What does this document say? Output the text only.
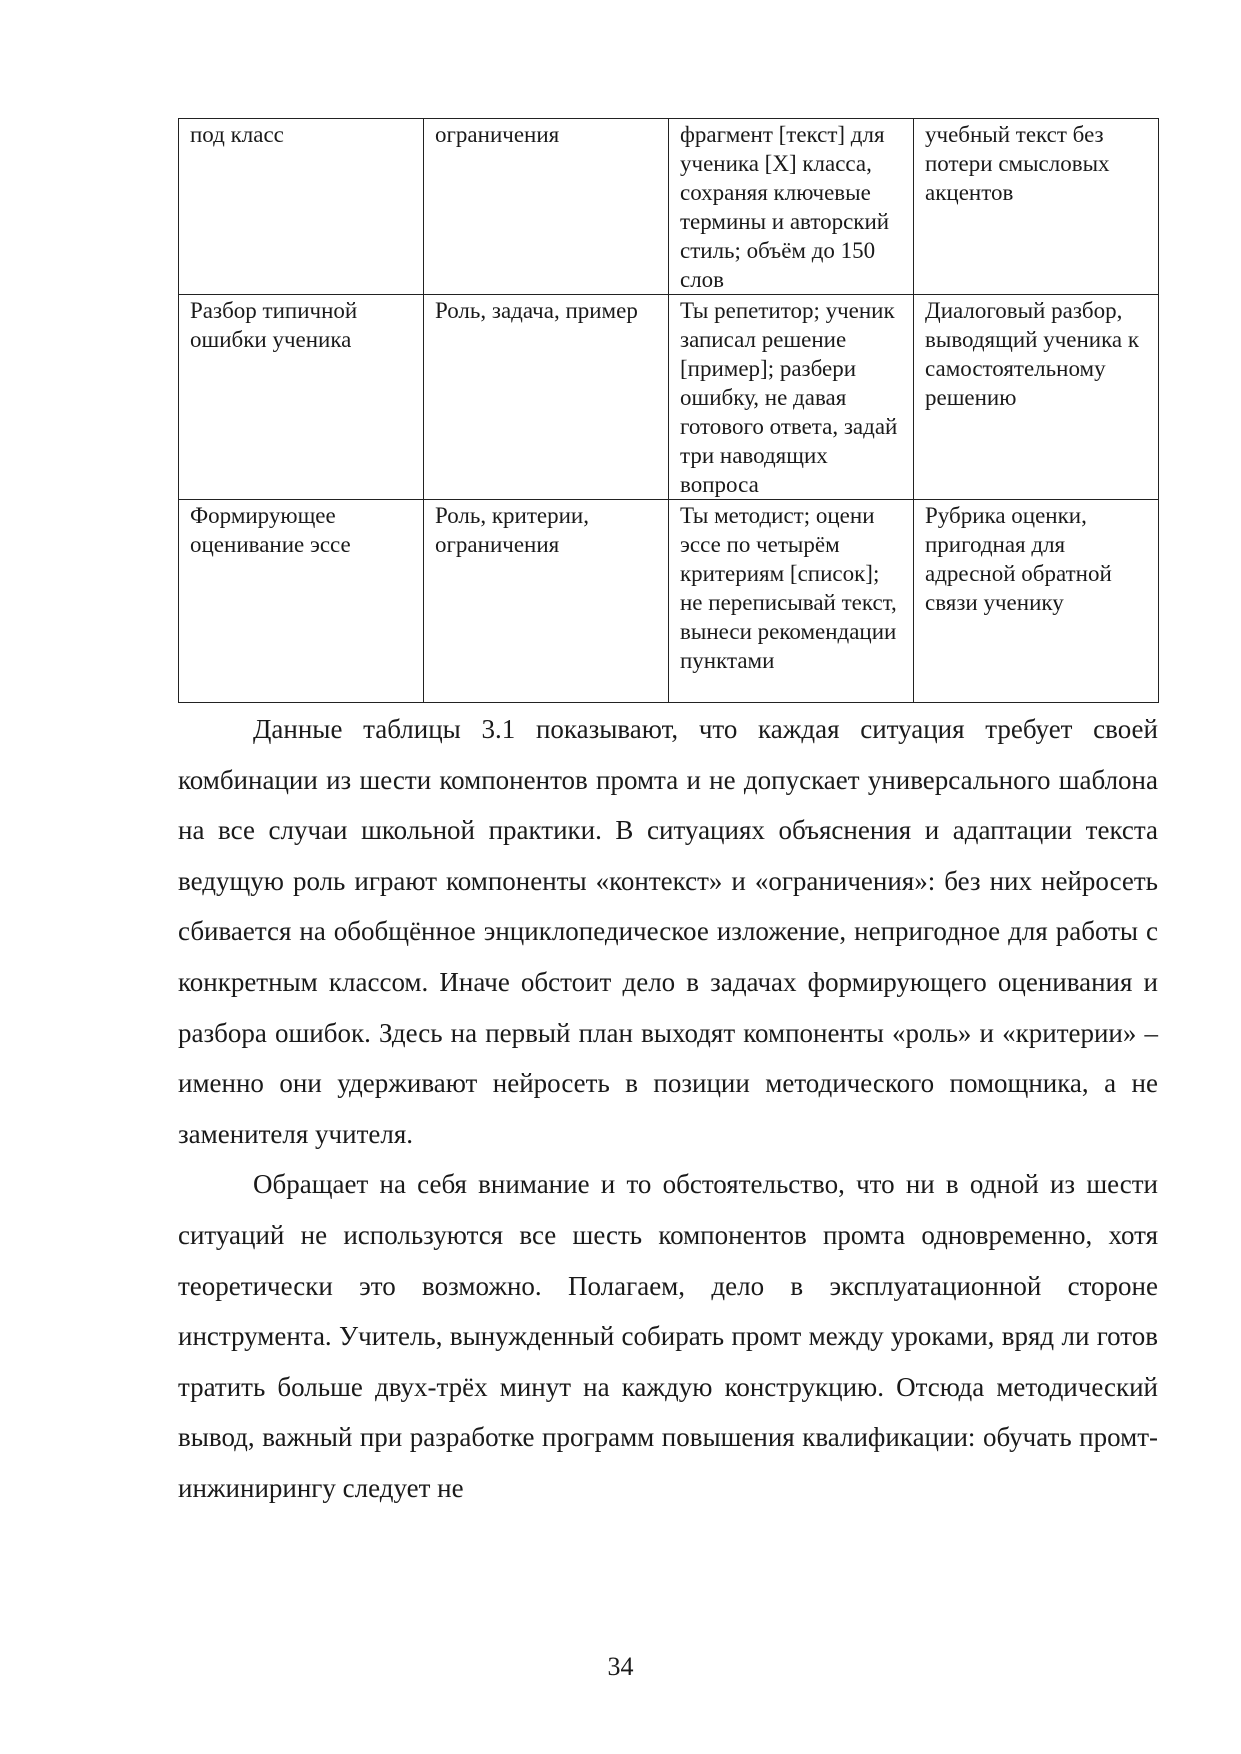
под класс	ограничения	фрагмент [текст] для ученика [X] класса, сохраняя ключевые термины и авторский стиль; объём до 150 слов	учебный текст без потери смысловых акцентов
Разбор типичной ошибки ученика	Роль, задача, пример	Ты репетитор; ученик записал решение [пример]; разбери ошибку, не давая готового ответа, задай три наводящих вопроса	Диалоговый разбор, выводящий ученика к самостоятельному решению
Формирующее оценивание эссе	Роль, критерии, ограничения	Ты методист; оцени эссе по четырём критериям [список]; не переписывай текст, вынеси рекомендации пунктами	Рубрика оценки, пригодная для адресной обратной связи ученику

Данные таблицы 3.1 показывают, что каждая ситуация требует своей комбинации из шести компонентов промта и не допускает универсального шаблона на все случаи школьной практики. В ситуациях объяснения и адаптации текста ведущую роль играют компоненты «контекст» и «ограничения»: без них нейросеть сбивается на обобщённое энциклопедическое изложение, непригодное для работы с конкретным классом. Иначе обстоит дело в задачах формирующего оценивания и разбора ошибок. Здесь на первый план выходят компоненты «роль» и «критерии» – именно они удерживают нейросеть в позиции методического помощника, а не заменителя учителя.

Обращает на себя внимание и то обстоятельство, что ни в одной из шести ситуаций не используются все шесть компонентов промта одновременно, хотя теоретически это возможно. Полагаем, дело в эксплуатационной стороне инструмента. Учитель, вынужденный собирать промт между уроками, вряд ли готов тратить больше двух-трёх минут на каждую конструкцию. Отсюда методический вывод, важный при разработке программ повышения квалификации: обучать промт-инжинирингу следует не

34
